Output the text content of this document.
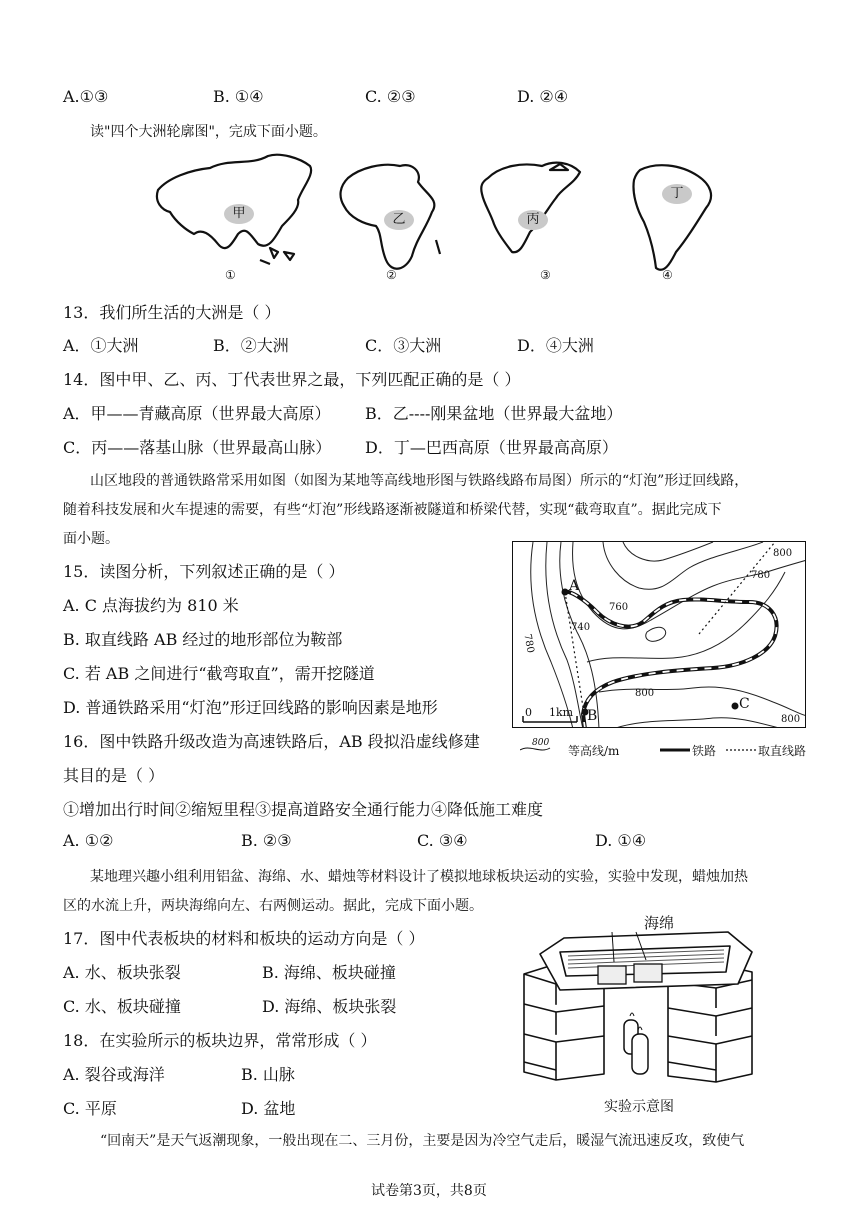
A.①③	B. ①④	C. ②③	D. ②④
读"四个大洲轮廓图"，完成下面小题。
甲	乙	丙
丁
①	②	③	④
13．我们所生活的大洲是（ ）
A．①大洲	B．②大洲	C．③大洲	D．④大洲
14．图中甲、乙、丙、丁代表世界之最，下列匹配正确的是（ ）
A．甲——青藏高原（世界最大高原） B．乙----刚果盆地（世界最大盆地）
C．丙——落基山脉（世界最高山脉） D．丁—巴西高原（世界最高高原）
山区地段的普通铁路常采用如图（如图为某地等高线地形图与铁路线路布局图）所示的“灯泡”形迂回线路，
随着科技发展和火车提速的需要，有些“灯泡”形线路逐渐被隧道和桥梁代替，实现“截弯取直”。据此完成下
面小题。
15．读图分析，下列叙述正确的是（ ）
A. C 点海拔约为 810 米
B. 取直线路 AB 经过的地形部位为鞍部
C. 若 AB 之间进行“截弯取直”，需开挖隧道
D. 普通铁路采用“灯泡”形迂回线路的影响因素是地形
16．图中铁路升级改造为高速铁路后，AB 段拟沿虚线修建
其目的是（ ）
①增加出行时间②缩短里程③提高道路安全通行能力④降低施工难度
A. ①②	B. ②③	C. ③④	D. ①④
A
B
C
800
780
760
740
780
800
800
0 1km
800
等高线/m	铁路	取直线路
某地理兴趣小组利用铝盆、海绵、水、蜡烛等材料设计了模拟地球板块运动的实验，实验中发现，蜡烛加热
区的水流上升，两块海绵向左、右两侧运动。据此，完成下面小题。
17．图中代表板块的材料和板块的运动方向是（ ）
A. 水、板块张裂	B. 海绵、板块碰撞
C. 水、板块碰撞	D. 海绵、板块张裂
18．在实验所示的板块边界，常常形成（ ）
A. 裂谷或海洋	B. 山脉
C. 平原	D. 盆地
海绵
实验示意图
“回南天”是天气返潮现象，一般出现在二、三月份，主要是因为冷空气走后，暖湿气流迅速反攻，致使气
试卷第3页，共8页
